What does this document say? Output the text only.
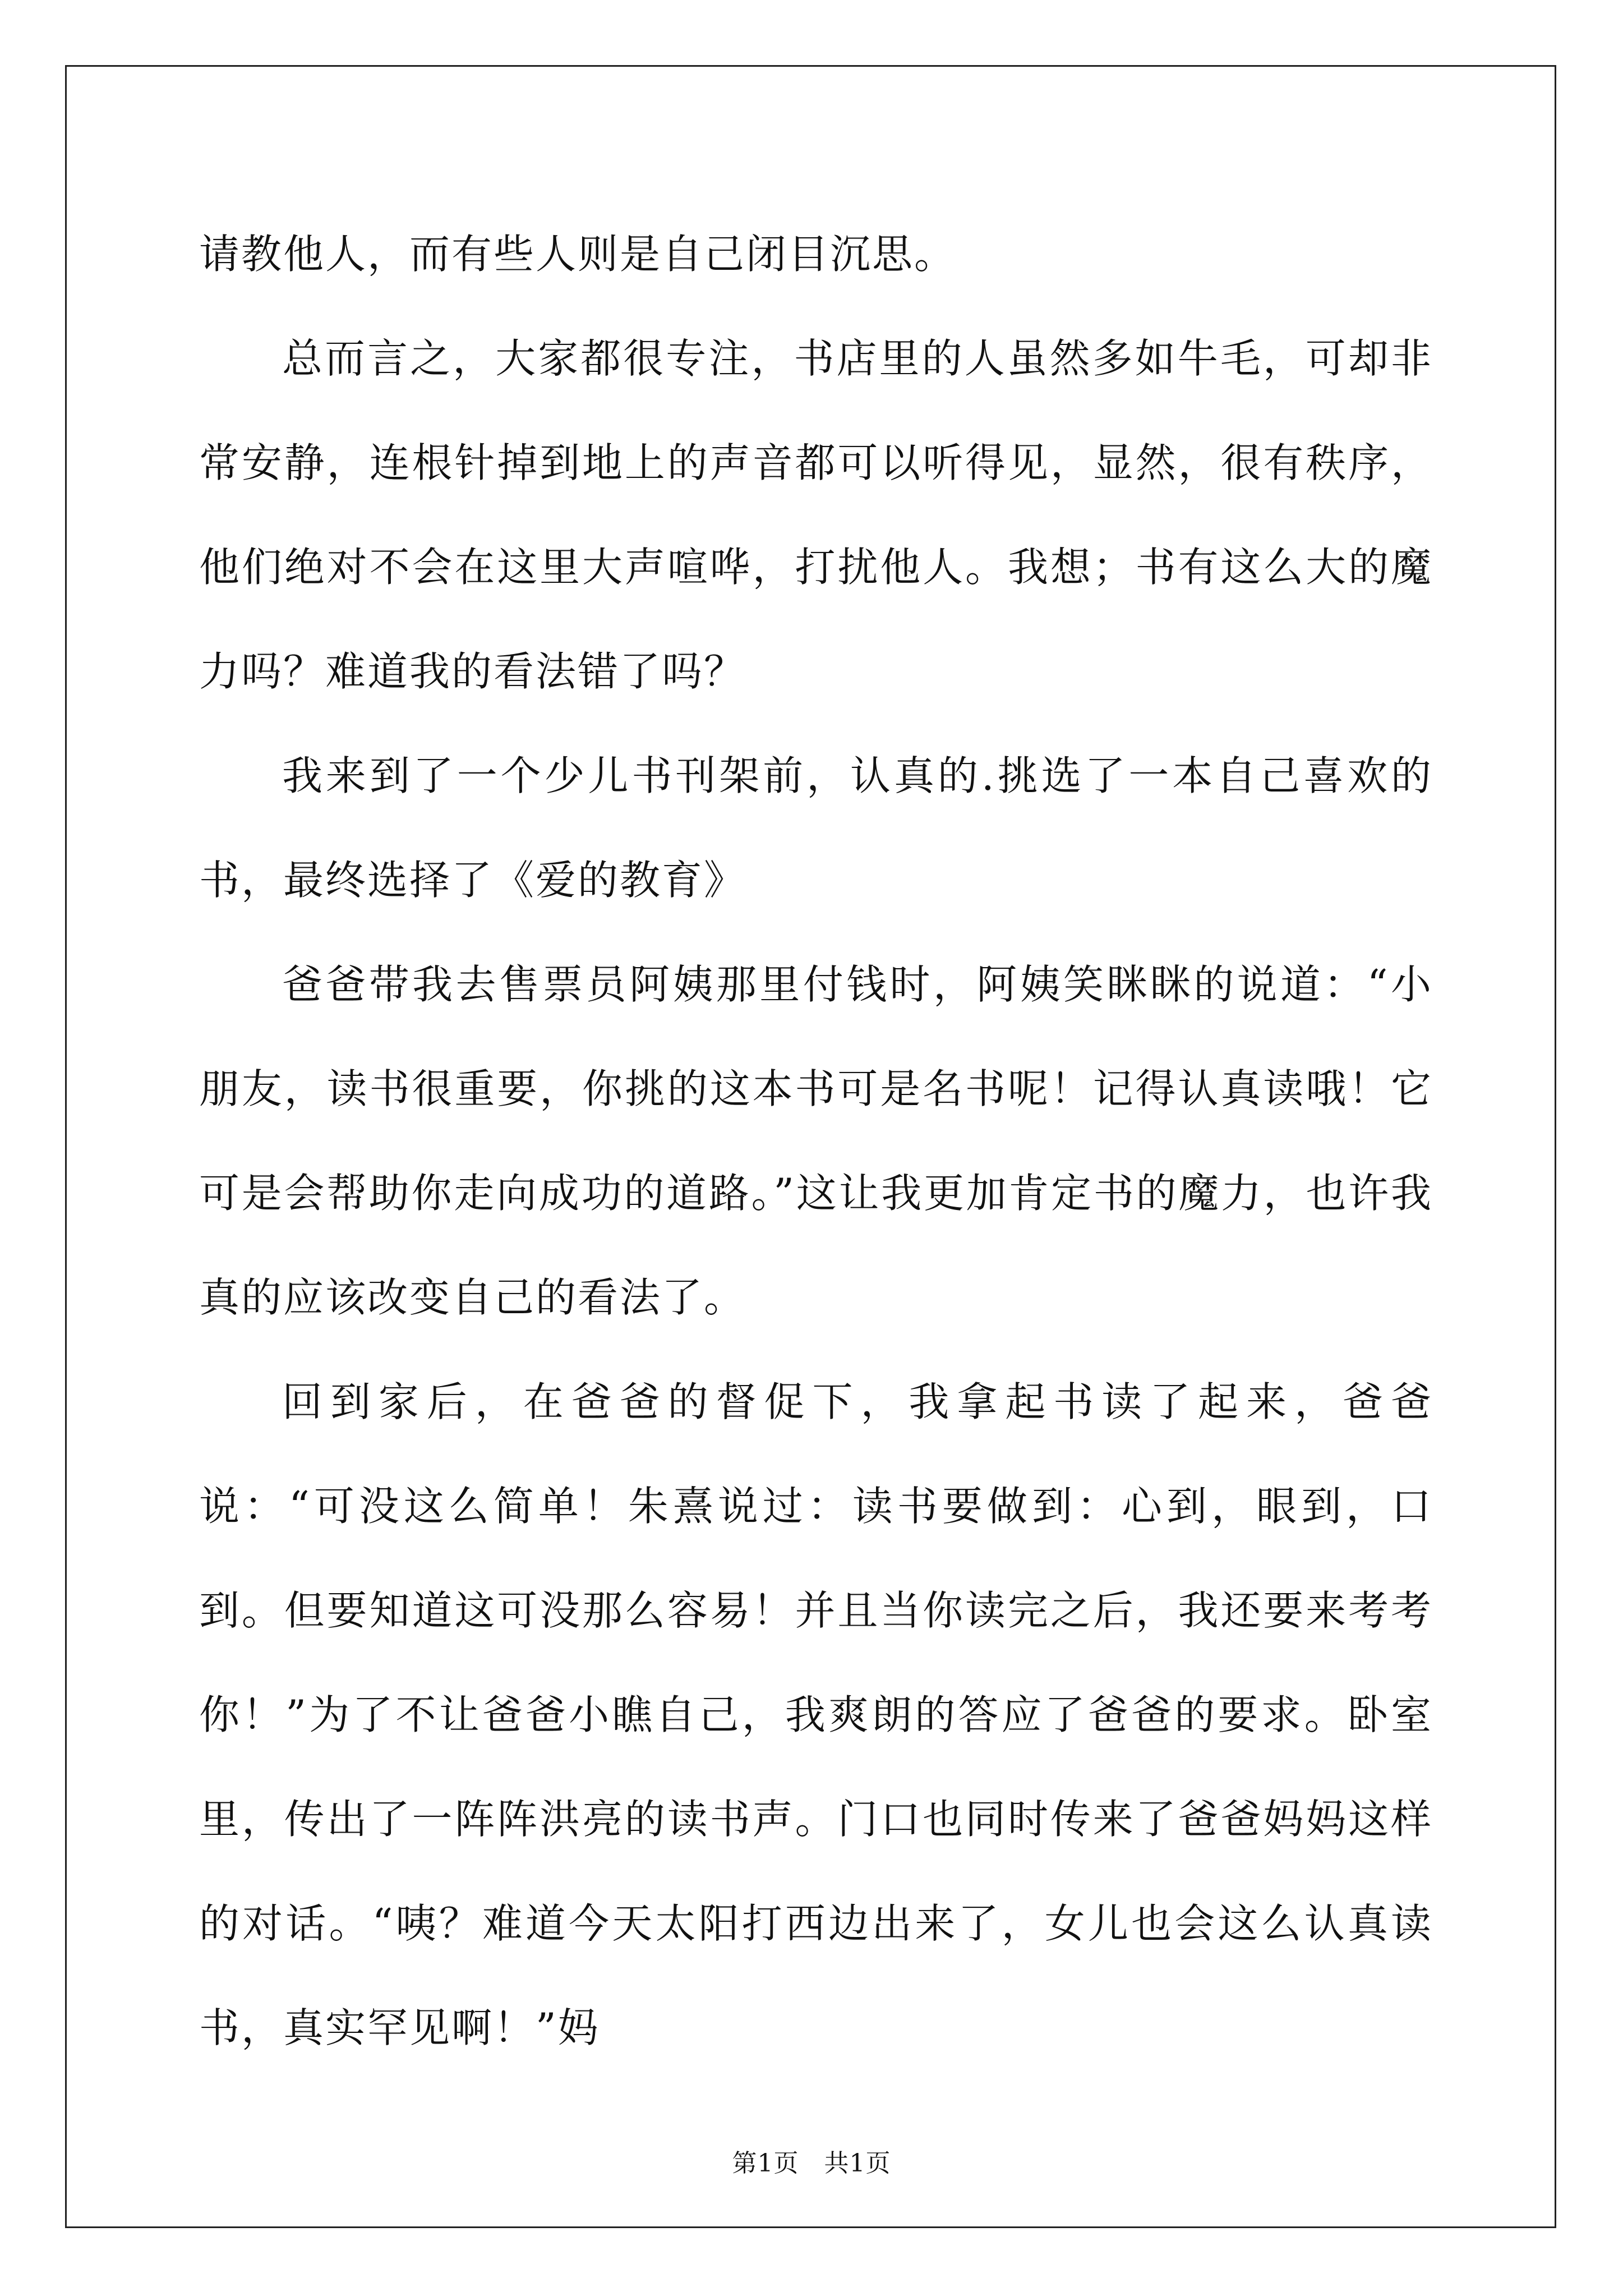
请教他人，而有些人则是自己闭目沉思。

总而言之，大家都很专注，书店里的人虽然多如牛毛，可却非常安静，连根针掉到地上的声音都可以听得见，显然，很有秩序，他们绝对不会在这里大声喧哗，打扰他人。我想；书有这么大的魔力吗？难道我的看法错了吗？

我来到了一个少儿书刊架前，认真的.挑选了一本自己喜欢的书，最终选择了《爱的教育》

爸爸带我去售票员阿姨那里付钱时，阿姨笑眯眯的说道：“小朋友，读书很重要，你挑的这本书可是名书呢！记得认真读哦！它可是会帮助你走向成功的道路。”这让我更加肯定书的魔力，也许我真的应该改变自己的看法了。

回到家后，在爸爸的督促下，我拿起书读了起来，爸爸说：“可没这么简单！朱熹说过：读书要做到：心到，眼到，口到。但要知道这可没那么容易！并且当你读完之后，我还要来考考你！”为了不让爸爸小瞧自己，我爽朗的答应了爸爸的要求。卧室里，传出了一阵阵洪亮的读书声。门口也同时传来了爸爸妈妈这样的对话。“咦？难道今天太阳打西边出来了，女儿也会这么认真读书，真实罕见啊！”妈

第1页　共1页
